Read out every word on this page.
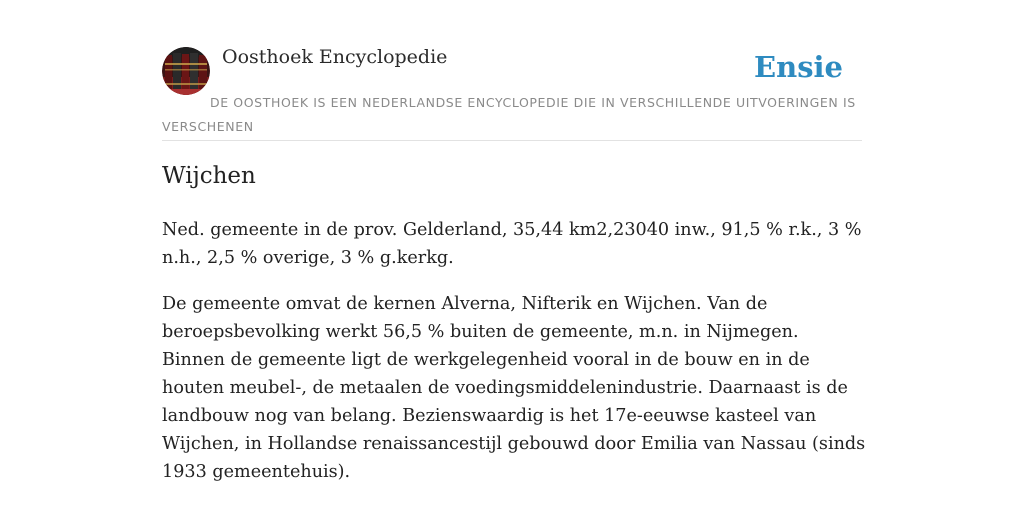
Oosthoek Encyclopedie	Ensie
DE OOSTHOEK IS EEN NEDERLANDSE ENCYCLOPEDIE DIE IN VERSCHILLENDE UITVOERINGEN IS VERSCHENEN
Wijchen

Ned. gemeente in de prov. Gelderland, 35,44 km2,23040 inw., 91,5 % r.k., 3 % n.h., 2,5 % overige, 3 % g.kerkg.

De gemeente omvat de kernen Alverna, Nifterik en Wijchen. Van de beroepsbevolking werkt 56,5 % buiten de gemeente, m.n. in Nijmegen. Binnen de gemeente ligt de werkgelegenheid vooral in de bouw en in de houten meubel-, de metaalen de voedingsmiddelenindustrie. Daarnaast is de landbouw nog van belang. Bezienswaardig is het 17e-eeuwse kasteel van Wijchen, in Hollandse renaissancestijl gebouwd door Emilia van Nassau (sinds 1933 gemeentehuis).
